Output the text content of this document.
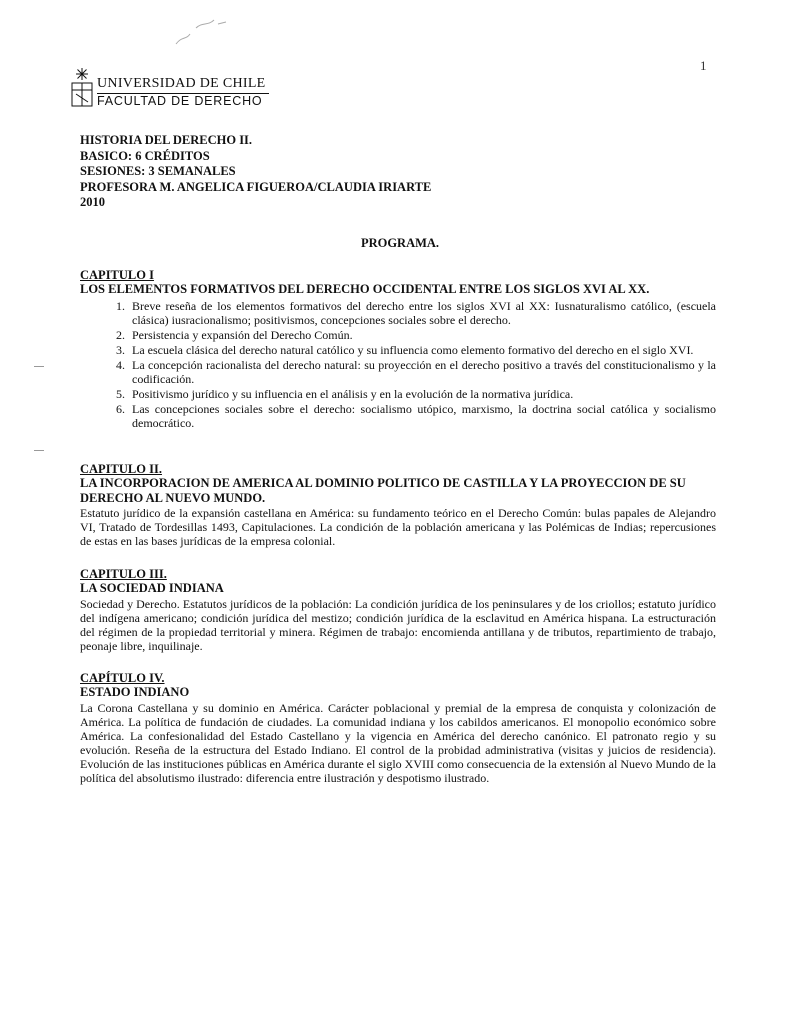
1
UNIVERSIDAD DE CHILE
FACULTAD DE DERECHO
HISTORIA DEL DERECHO II.
BASICO: 6 CRÉDITOS
SESIONES: 3 SEMANALES
PROFESORA M. ANGELICA FIGUEROA/CLAUDIA IRIARTE
2010
PROGRAMA.
CAPITULO I
LOS ELEMENTOS FORMATIVOS DEL DERECHO OCCIDENTAL ENTRE LOS SIGLOS XVI AL XX.
1. Breve reseña de los elementos formativos del derecho entre los siglos XVI al XX: Iusnaturalismo católico, (escuela clásica) iusracionalismo; positivismos, concepciones sociales sobre el derecho.
2. Persistencia y expansión del Derecho Común.
3. La escuela clásica del derecho natural católico y su influencia como elemento formativo del derecho en el siglo XVI.
4. La concepción racionalista del derecho natural: su proyección en el derecho positivo a través del constitucionalismo y la codificación.
5. Positivismo jurídico y su influencia en el análisis y en la evolución de la normativa jurídica.
6. Las concepciones sociales sobre el derecho: socialismo utópico, marxismo, la doctrina social católica y socialismo democrático.
CAPITULO II.
LA INCORPORACION DE AMERICA AL DOMINIO POLITICO DE CASTILLA Y LA PROYECCION DE SU DERECHO AL NUEVO MUNDO.
Estatuto jurídico de la expansión castellana en América: su fundamento teórico en el Derecho Común: bulas papales de Alejandro VI, Tratado de Tordesillas 1493, Capitulaciones. La condición de la población americana y las Polémicas de Indias; repercusiones de estas en las bases jurídicas de la empresa colonial.
CAPITULO III.
LA SOCIEDAD INDIANA
Sociedad y Derecho. Estatutos jurídicos de la población: La condición jurídica de los peninsulares y de los criollos; estatuto jurídico del indígena americano; condición jurídica del mestizo; condición jurídica de la esclavitud en América hispana. La estructuración del régimen de la propiedad territorial y minera. Régimen de trabajo: encomienda antillana y de tributos, repartimiento de trabajo, peonaje libre, inquilinaje.
CAPÍTULO IV.
ESTADO INDIANO
La Corona Castellana y su dominio en América. Carácter poblacional y premial de la empresa de conquista y colonización de América. La política de fundación de ciudades. La comunidad indiana y los cabildos americanos. El monopolio económico sobre América. La confesionalidad del Estado Castellano y la vigencia en América del derecho canónico. El patronato regio y su evolución. Reseña de la estructura del Estado Indiano. El control de la probidad administrativa (visitas y juicios de residencia). Evolución de las instituciones públicas en América durante el siglo XVIII como consecuencia de la extensión al Nuevo Mundo de la política del absolutismo ilustrado: diferencia entre ilustración y despotismo ilustrado.
